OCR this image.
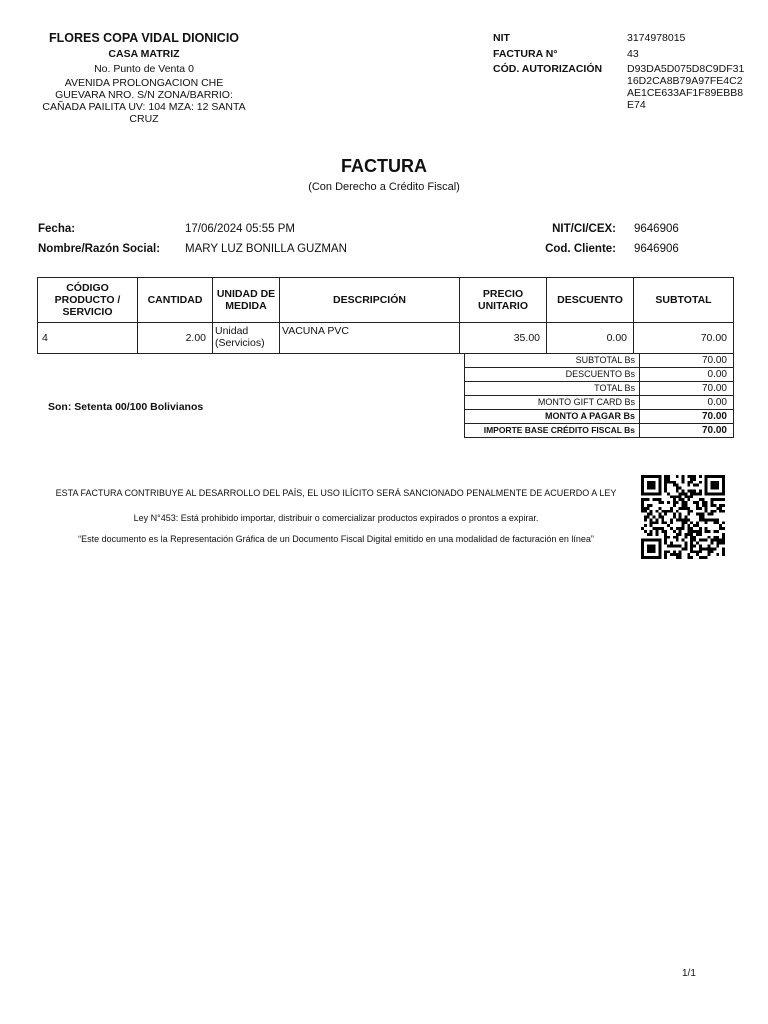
FLORES COPA VIDAL DIONICIO
CASA MATRIZ
No. Punto de Venta 0
AVENIDA PROLONGACION CHE GUEVARA NRO. S/N ZONA/BARRIO: CAÑADA PAILITA UV: 104 MZA: 12 SANTA CRUZ
NIT	3174978015
FACTURA N°	43
CÓD. AUTORIZACIÓN	D93DA5D075D8C9DF3116D2CA8B79A97FE4C2AE1CE633AF1F89EBB8E74
FACTURA
(Con Derecho a Crédito Fiscal)
Fecha:	17/06/2024 05:55 PM
Nombre/Razón Social: MARY LUZ BONILLA GUZMAN
NIT/CI/CEX: 9646906
Cod. Cliente: 9646906
CÓDIGO PRODUCTO / SERVICIO	CANTIDAD	UNIDAD DE MEDIDA	DESCRIPCIÓN	PRECIO UNITARIO	DESCUENTO	SUBTOTAL
4	2.00	Unidad (Servicios)	VACUNA PVC	35.00	0.00	70.00
SUBTOTAL Bs	70.00
DESCUENTO Bs	0.00
TOTAL Bs	70.00
MONTO GIFT CARD Bs	0.00
MONTO A PAGAR Bs	70.00
IMPORTE BASE CRÉDITO FISCAL Bs	70.00
Son: Setenta 00/100 Bolivianos
ESTA FACTURA CONTRIBUYE AL DESARROLLO DEL PAÍS, EL USO ILÍCITO SERÁ SANCIONADO PENALMENTE DE ACUERDO A LEY
Ley N°453: Está prohibido importar, distribuir o comercializar productos expirados o prontos a expirar.
“Este documento es la Representación Gráfica de un Documento Fiscal Digital emitido en una modalidad de facturación en línea”
1/1
